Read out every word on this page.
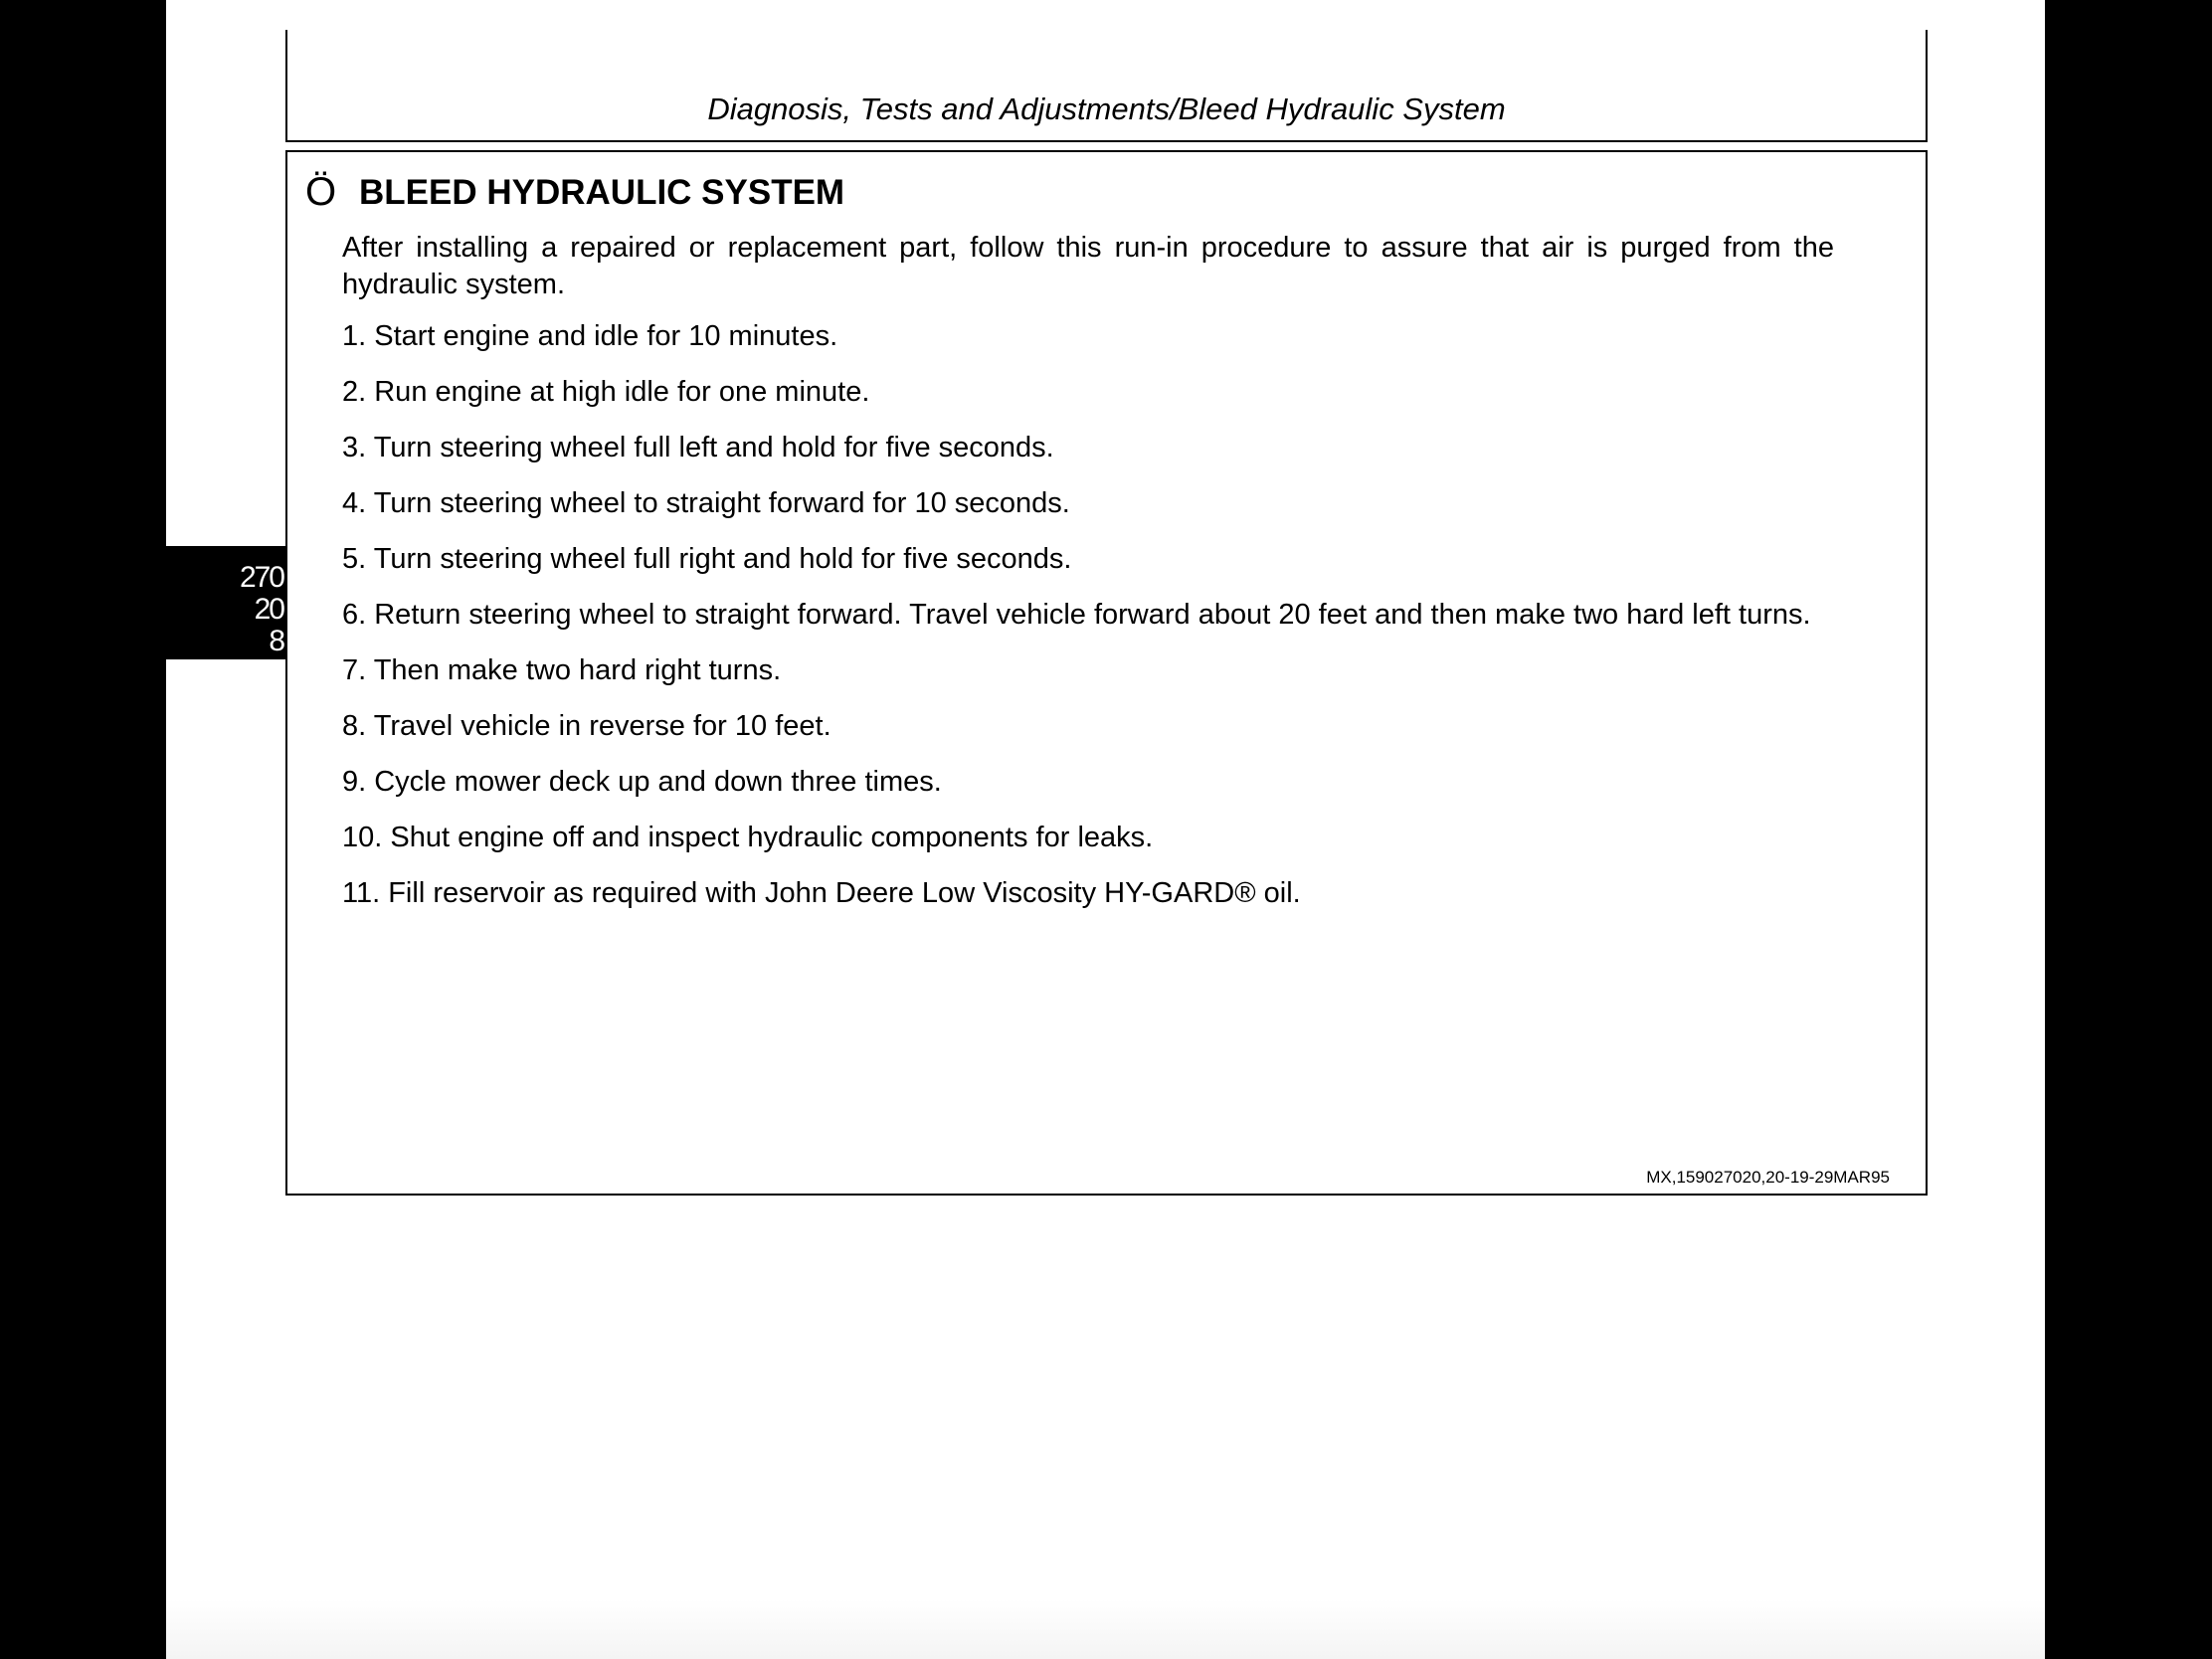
Diagnosis, Tests and Adjustments/Bleed Hydraulic System
Ö BLEED HYDRAULIC SYSTEM

After installing a repaired or replacement part, follow this run-in procedure to assure that air is purged from the hydraulic system.

1. Start engine and idle for 10 minutes.
2. Run engine at high idle for one minute.
3. Turn steering wheel full left and hold for five seconds.
4. Turn steering wheel to straight forward for 10 seconds.
5. Turn steering wheel full right and hold for five seconds.
6. Return steering wheel to straight forward. Travel vehicle forward about 20 feet and then make two hard left turns.
7. Then make two hard right turns.
8. Travel vehicle in reverse for 10 feet.
9. Cycle mower deck up and down three times.
10. Shut engine off and inspect hydraulic components for leaks.
11. Fill reservoir as required with John Deere Low Viscosity HY-GARD® oil.
MX,159027020,20-19-29MAR95
270
20
8
